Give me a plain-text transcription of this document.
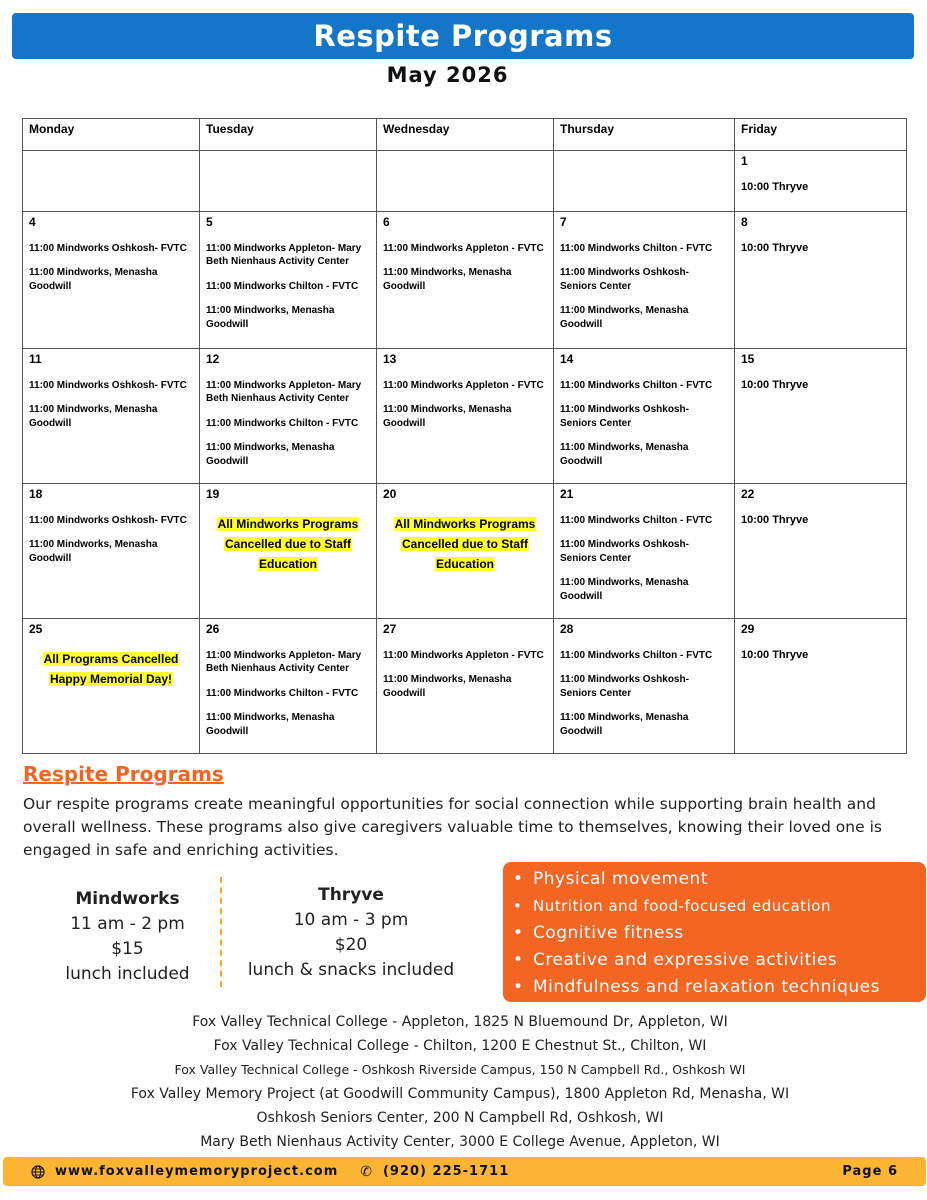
Respite Programs
May 2026
Monday	Tuesday	Wednesday	Thursday	Friday

				1
10:00 Thryve

4
11:00 Mindworks Oshkosh- FVTC
11:00 Mindworks, Menasha Goodwill	5
11:00 Mindworks Appleton- Mary Beth Nienhaus Activity Center
11:00 Mindworks Chilton - FVTC
11:00 Mindworks, Menasha Goodwill	6
11:00 Mindworks Appleton - FVTC
11:00 Mindworks, Menasha Goodwill	7
11:00 Mindworks Chilton - FVTC
11:00 Mindworks Oshkosh- Seniors Center
11:00 Mindworks, Menasha Goodwill	8
10:00 Thryve

11
11:00 Mindworks Oshkosh- FVTC
11:00 Mindworks, Menasha Goodwill	12
11:00 Mindworks Appleton- Mary Beth Nienhaus Activity Center
11:00 Mindworks Chilton - FVTC
11:00 Mindworks, Menasha Goodwill	13
11:00 Mindworks Appleton - FVTC
11:00 Mindworks, Menasha Goodwill	14
11:00 Mindworks Chilton - FVTC
11:00 Mindworks Oshkosh- Seniors Center
11:00 Mindworks, Menasha Goodwill	15
10:00 Thryve

18
11:00 Mindworks Oshkosh- FVTC
11:00 Mindworks, Menasha Goodwill	19
All Mindworks Programs
Cancelled due to Staff
Education	20
All Mindworks Programs
Cancelled due to Staff
Education	21
11:00 Mindworks Chilton - FVTC
11:00 Mindworks Oshkosh- Seniors Center
11:00 Mindworks, Menasha Goodwill	22
10:00 Thryve

25
All Programs Cancelled
Happy Memorial Day!	26
11:00 Mindworks Appleton- Mary Beth Nienhaus Activity Center
11:00 Mindworks Chilton - FVTC
11:00 Mindworks, Menasha Goodwill	27
11:00 Mindworks Appleton - FVTC
11:00 Mindworks, Menasha Goodwill	28
11:00 Mindworks Chilton - FVTC
11:00 Mindworks Oshkosh- Seniors Center
11:00 Mindworks, Menasha Goodwill	29
10:00 Thryve
Respite Programs
Our respite programs create meaningful opportunities for social connection while supporting brain health and overall wellness. These programs also give caregivers valuable time to themselves, knowing their loved one is engaged in safe and enriching activities.
Mindworks
11 am - 2 pm
$15
lunch included
Thryve
10 am - 3 pm
$20
lunch & snacks included
• Physical movement
• Nutrition and food-focused education
• Cognitive fitness
• Creative and expressive activities
• Mindfulness and relaxation techniques
Fox Valley Technical College - Appleton, 1825 N Bluemound Dr, Appleton, WI
Fox Valley Technical College - Chilton, 1200 E Chestnut St., Chilton, WI
Fox Valley Technical College - Oshkosh Riverside Campus, 150 N Campbell Rd., Oshkosh WI
Fox Valley Memory Project (at Goodwill Community Campus), 1800 Appleton Rd, Menasha, WI
Oshkosh Seniors Center, 200 N Campbell Rd, Oshkosh, WI
Mary Beth Nienhaus Activity Center, 3000 E College Avenue, Appleton, WI
www.foxvalleymemoryproject.com ✆ (920) 225-1711	Page 6
